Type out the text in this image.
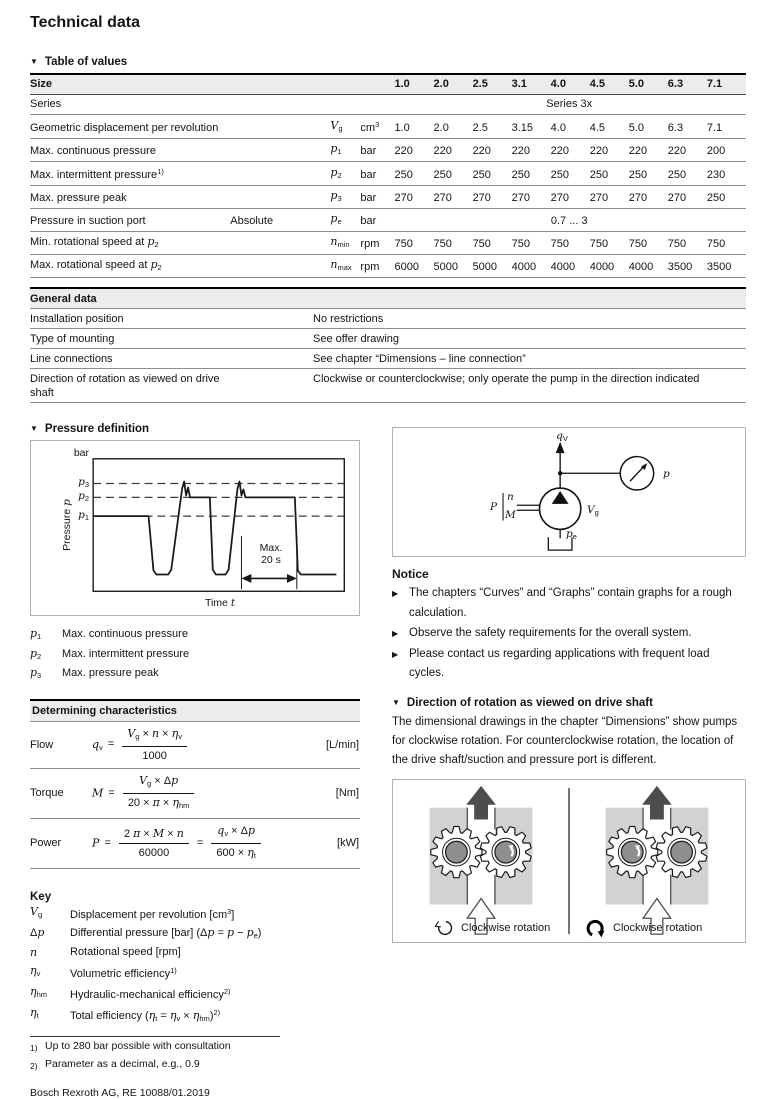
Technical data
▼ Table of values
Size				1.0	2.0	2.5	3.1	4.0	4.5	5.0	6.3	7.1
Series				Series 3x								
Geometric displacement per revolution		$V_g$	$cm^3$	1.0	2.0	2.5	3.15	4.0	4.5	5.0	6.3	7.1
Max. continuous pressure		$p_1$	bar	220	220	220	220	220	220	220	220	200
Max. intermittent pressure$^{1)}$		$p_2$	bar	250	250	250	250	250	250	250	250	230
Max. pressure peak		$p_3$	bar	270	270	270	270	270	270	270	270	250
Pressure in suction port	Absolute	$p_e$	bar	0.7 ... 3								
Min. rotational speed at $p_2$		$n_{min}$	rpm	750	750	750	750	750	750	750	750	750
Max. rotational speed at $p_2$		$n_{max}$	rpm	6000	5000	5000	4000	4000	4000	4000	3500	3500
General data	

Installation position	No restrictions

Type of mounting	See offer drawing

Line connections	See chapter “Dimensions – line connection”

Direction of rotation as viewed on drive shaft	Clockwise or counterclockwise; only operate the pump in the direction indicated
▼ Pressure definition
bar
$p_3$
$p_2$
$p_1$
Pressure p
Max.
20 s
Time t
$p_1$	Max. continuous pressure
$p_2$	Max. intermittent pressure
$p_3$	Max. pressure peak
Determining characteristics		
Flow	$q_v = \frac{V_g \times n \times \eta_v}{1000}$	[L/min]
Torque	$M = \frac{V_g \times \Delta p}{20 \times \pi \times \eta_{hm}}$	[Nm]
Power	$P = \frac{2 \pi \times M \times n}{60000} = \frac{q_v \times \Delta p}{600 \times \eta_t}$	[kW]
Key
$V_g$	Displacement per revolution $[cm^3]$
Δp	Differential pressure [bar] $(\Delta p = p - p_e)$
n	Rotational speed [rpm]
$\eta_v$	Volumetric efficiency$^{1)}$
$\eta_{hm}$	Hydraulic-mechanical efficiency$^{2)}$
$\eta_t$	Total efficiency $(\eta_t = \eta_v \times \eta_{hm})^{2)}$
1) Up to 280 bar possible with consultation
2) Parameter as a decimal, e.g., 0.9
Bosch Rexroth AG, RE 10088/01.2019
$q_V$
p
P
n
M	$V_g$
$p_e$
Notice
▶ The chapters “Curves” and “Graphs” contain graphs for a rough calculation.
▶ Observe the safety requirements for the overall system.
▶ Please contact us regarding applications with frequent load cycles.
▼ Direction of rotation as viewed on drive shaft
The dimensional drawings in the chapter “Dimensions” show pumps for clockwise rotation. For counterclockwise rotation, the location of the drive shaft/suction and pressure port is different.
Clockwise rotation	Clockwise rotation
